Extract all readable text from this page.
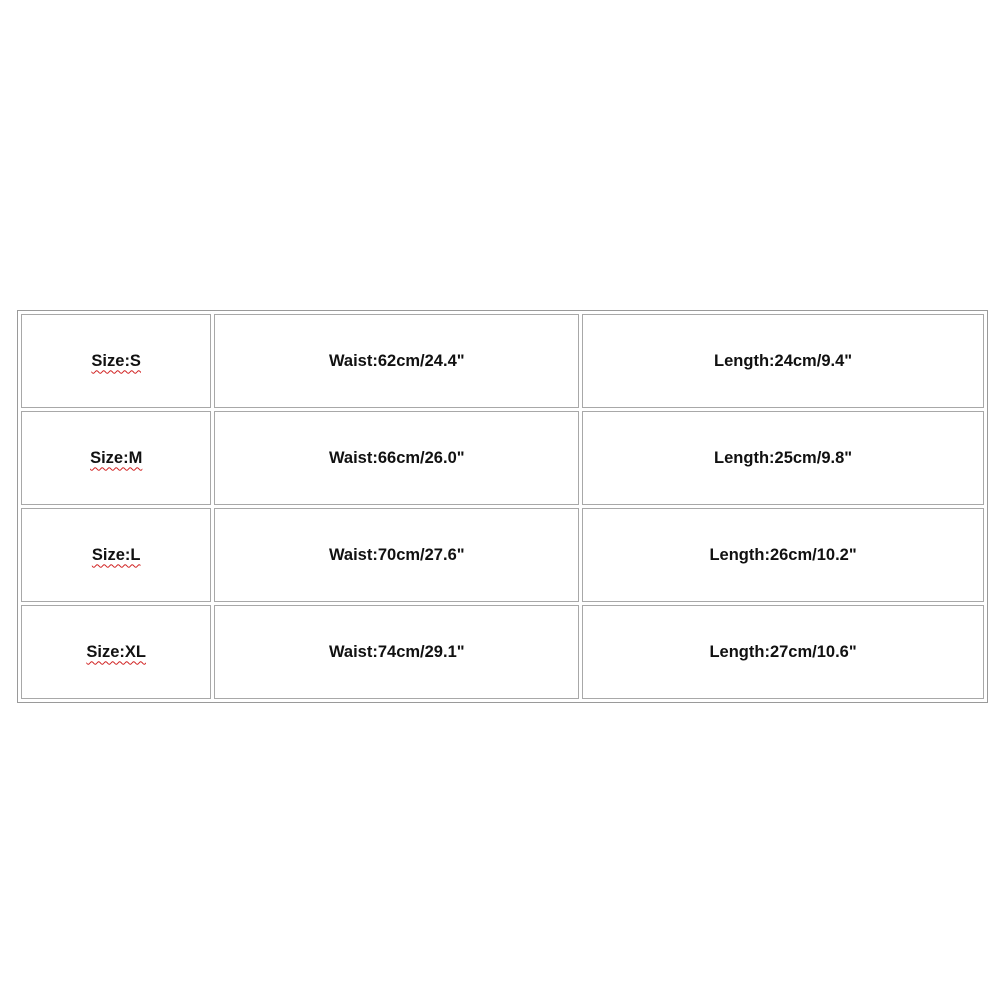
Size:S	Waist:62cm/24.4"	Length:24cm/9.4"
Size:M	Waist:66cm/26.0"	Length:25cm/9.8"
Size:L	Waist:70cm/27.6"	Length:26cm/10.2"
Size:XL	Waist:74cm/29.1"	Length:27cm/10.6"
